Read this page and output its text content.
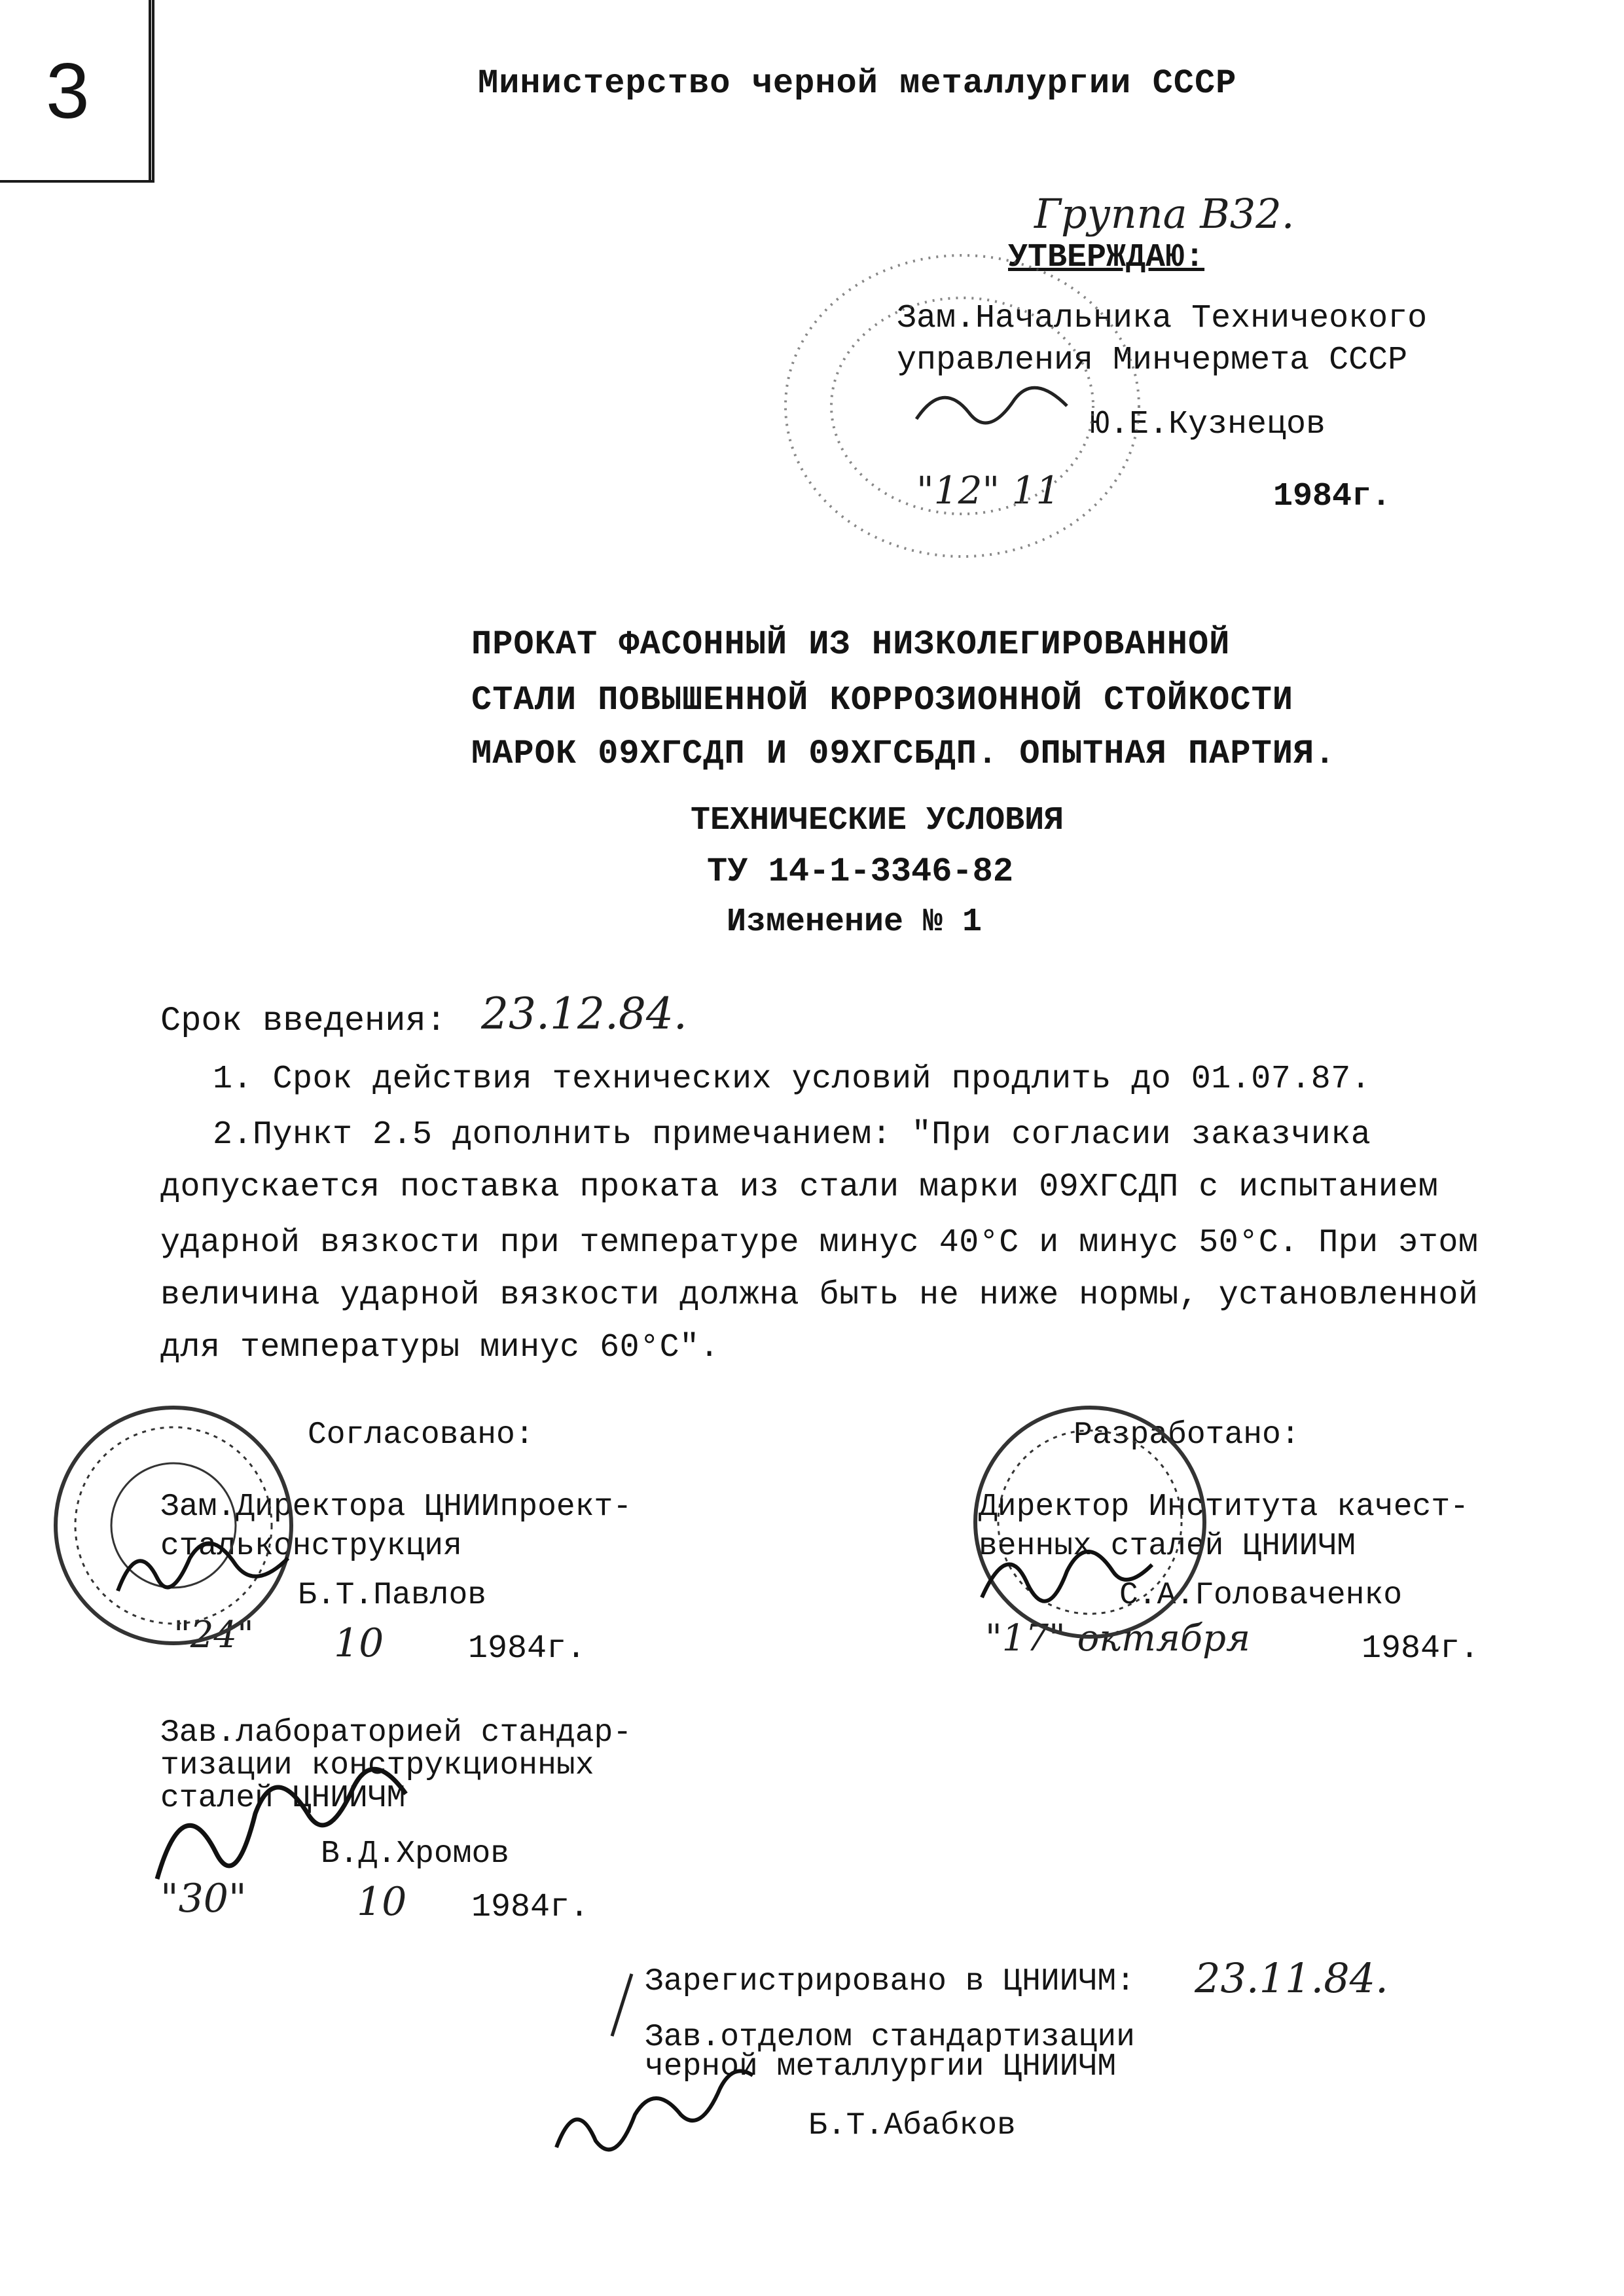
3	Министерство черной металлургии СССР
Группа В32.
УТВЕРЖДАЮ:
Зам.Начальника Техничеокого
управления Минчермета СССР
Ю.Е.Кузнецов
"12" 11	1984г.
ПРОКАТ ФАСОННЫЙ ИЗ НИЗКОЛЕГИРОВАННОЙ
СТАЛИ ПОВЫШЕННОЙ КОРРОЗИОННОЙ СТОЙКОСТИ
МАРОК 09ХГСДП И 09ХГСБДП. ОПЫТНАЯ ПАРТИЯ.
ТЕХНИЧЕСКИЕ УСЛОВИЯ
ТУ 14-1-3346-82
Изменение № 1
Срок введения: 23.12.84.
1. Срок действия технических условий продлить до 01.07.87.
2.Пункт 2.5 дополнить примечанием: "При согласии заказчика
допускается поставка проката из стали марки 09ХГСДП с испытанием
ударной вязкости при температуре минус 40°С и минус 50°С. При этом
величина ударной вязкости должна быть не ниже нормы, установленной
для температуры минус 60°С".
Согласовано:
Зам.Директора ЦНИИпроект-
стальконструкция
Б.Т.Павлов
"24" 10	1984г.
Разработано:
Директор Института качест-
венных сталей ЦНИИЧМ
С.А.Головаченко
"17" октября	1984г.
Зав.лабораторией стандар-
тизации конструкционных
сталей ЦНИИЧМ
В.Д.Хромов
"30"	10 1984г.
Зарегистрировано в ЦНИИЧМ: 23.11.84.
Зав.отделом стандартизации
черной металлургии ЦНИИЧМ
Б.Т.Абабков
